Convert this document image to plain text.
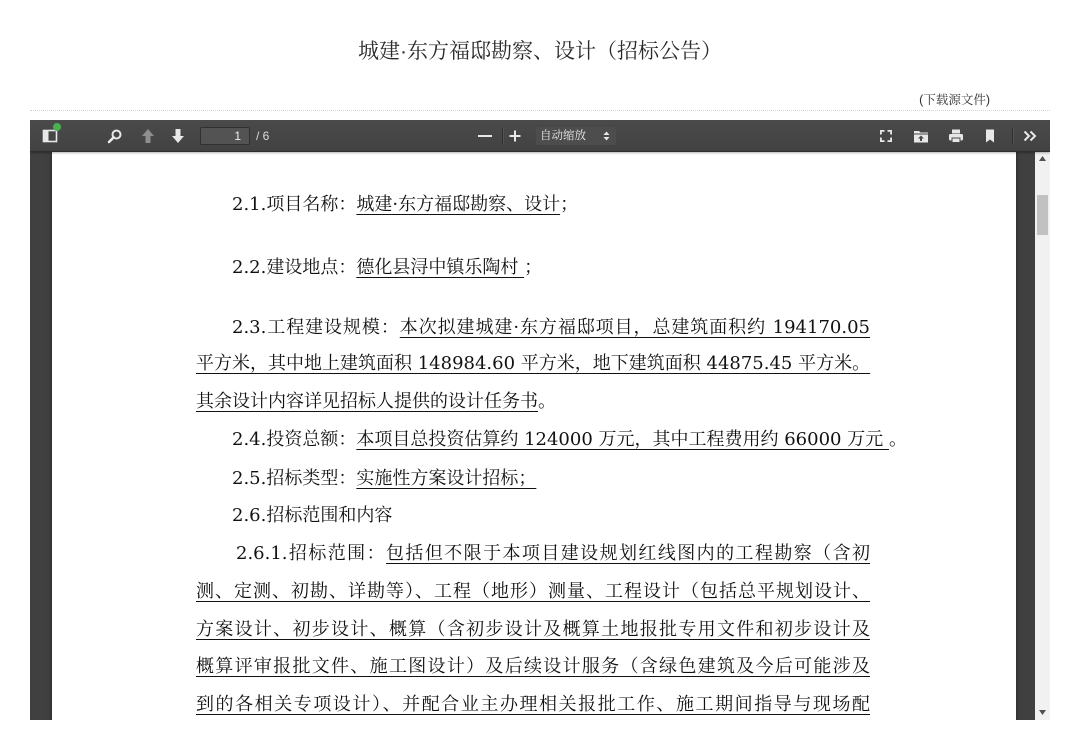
城建·东方福邸勘察、设计（招标公告）
(下载源文件)
1
/ 6	自动缩放
2.1.项目名称：城建·东方福邸勘察、设计；
2.2.建设地点：德化县浔中镇乐陶村 ；
2.3.工程建设规模：本次拟建城建·东方福邸项目，总建筑面积约 194170.05
平方米，其中地上建筑面积 148984.60 平方米，地下建筑面积 44875.45 平方米。
其余设计内容详见招标人提供的设计任务书。
2.4.投资总额：本项目总投资估算约 124000 万元，其中工程费用约 66000 万元 。
2.5.招标类型：实施性方案设计招标；
2.6.招标范围和内容
2.6.1.招标范围：包括但不限于本项目建设规划红线图内的工程勘察（含初
测、定测、初勘、详勘等）、工程（地形）测量、工程设计（包括总平规划设计、
方案设计、初步设计、概算（含初步设计及概算土地报批专用文件和初步设计及
概算评审报批文件、施工图设计）及后续设计服务（含绿色建筑及今后可能涉及
到的各相关专项设计）、并配合业主办理相关报批工作、施工期间指导与现场配
